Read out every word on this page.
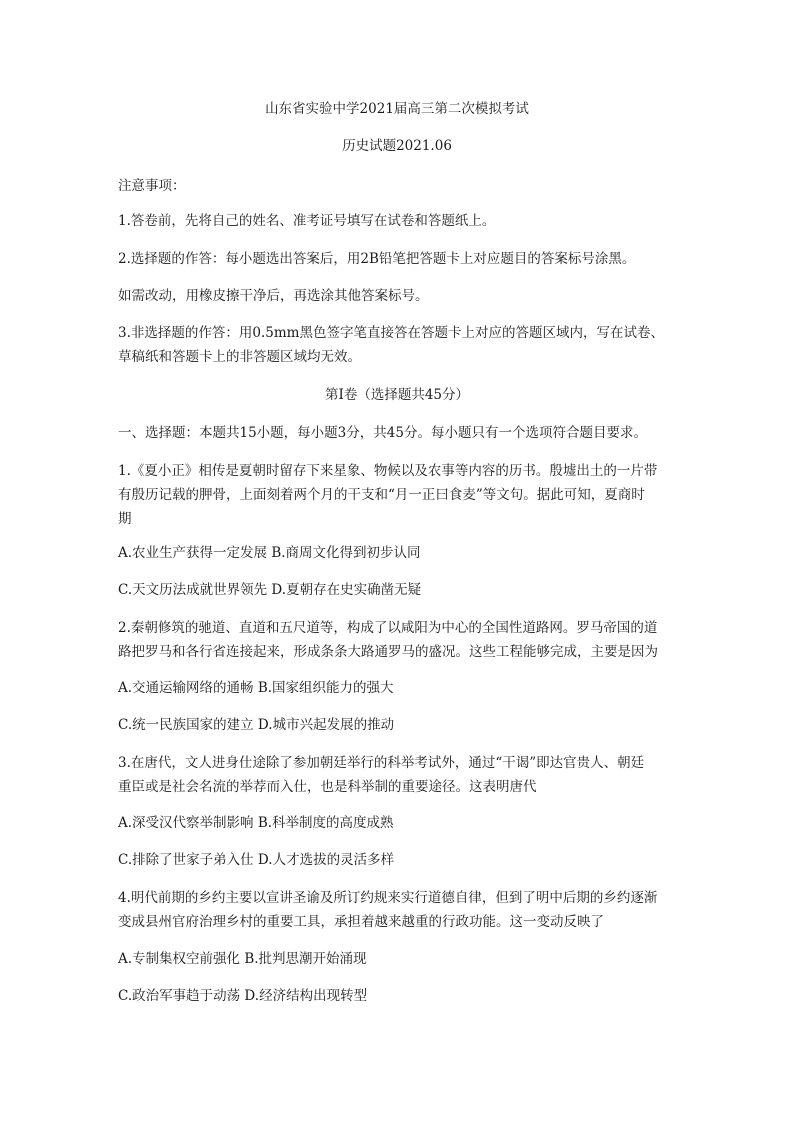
山东省实验中学2021届高三第二次模拟考试
历史试题2021.06
注意事项：
1.答卷前，先将自己的姓名、准考证号填写在试卷和答题纸上。
2.选择题的作答：每小题选出答案后，用2B铅笔把答题卡上对应题目的答案标号涂黑。
如需改动，用橡皮擦干净后，再选涂其他答案标号。
3.非选择题的作答：用0.5mm黑色签字笔直接答在答题卡上对应的答题区域内，写在试卷、
草稿纸和答题卡上的非答题区域均无效。
第I卷（选择题共45分）
一、选择题：本题共15小题，每小题3分，共45分。每小题只有一个选项符合题目要求。
1.《夏小正》相传是夏朝时留存下来星象、物候以及农事等内容的历书。殷墟出土的一片带
有殷历记载的胛骨，上面刻着两个月的干支和“月一正曰食麦”等文句。据此可知，夏商时
期
A.农业生产获得一定发展 B.商周文化得到初步认同
C.天文历法成就世界领先 D.夏朝存在史实确凿无疑
2.秦朝修筑的驰道、直道和五尺道等，构成了以咸阳为中心的全国性道路网。罗马帝国的道
路把罗马和各行省连接起来，形成条条大路通罗马的盛况。这些工程能够完成，主要是因为
A.交通运输网络的通畅 B.国家组织能力的强大
C.统一民族国家的建立 D.城市兴起发展的推动
3.在唐代，文人进身仕途除了参加朝廷举行的科举考试外，通过“干谒”即达官贵人、朝廷
重臣或是社会名流的举荐而入仕，也是科举制的重要途径。这表明唐代
A.深受汉代察举制影响 B.科举制度的高度成熟
C.排除了世家子弟入仕 D.人才选拔的灵活多样
4.明代前期的乡约主要以宣讲圣谕及所订约规来实行道德自律，但到了明中后期的乡约逐渐
变成县州官府治理乡村的重要工具，承担着越来越重的行政功能。这一变动反映了
A.专制集权空前强化 B.批判思潮开始涌现
C.政治军事趋于动荡 D.经济结构出现转型
